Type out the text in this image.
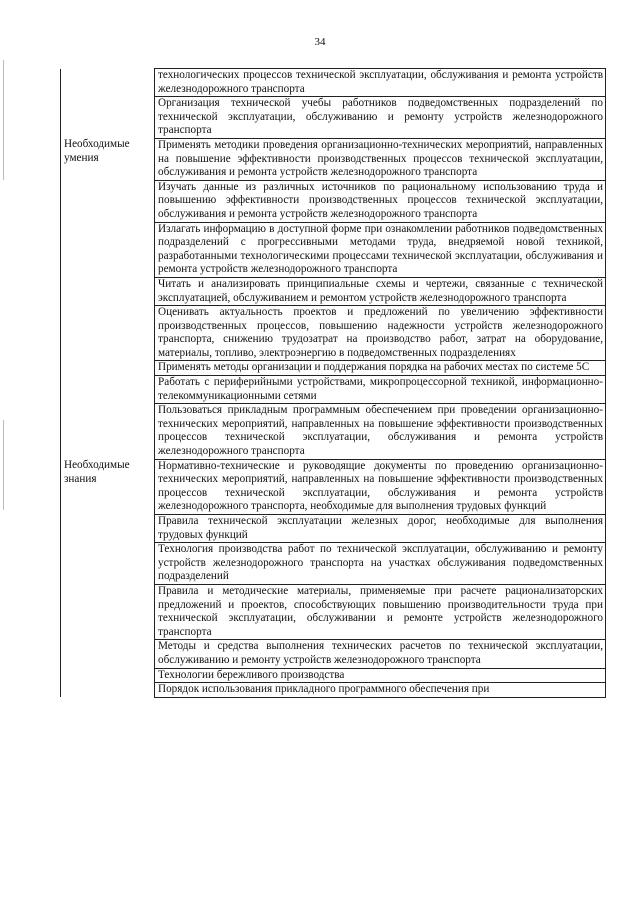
34
	технологических процессов технической эксплуатации, обслуживания и ремонта устройств железнодорожного транспорта
	Организация технической учебы работников подведомственных подразделений по технической эксплуатации, обслуживанию и ремонту устройств железнодорожного транспорта

Необходимые умения	Применять методики проведения организационно-технических мероприятий, направленных на повышение эффективности производственных процессов технической эксплуатации, обслуживания и ремонта устройств железнодорожного транспорта
	Изучать данные из различных источников по рациональному использованию труда и повышению эффективности производственных процессов технической эксплуатации, обслуживания и ремонта устройств железнодорожного транспорта
	Излагать информацию в доступной форме при ознакомлении работников подведомственных подразделений с прогрессивными методами труда, внедряемой новой техникой, разработанными технологическими процессами технической эксплуатации, обслуживания и ремонта устройств железнодорожного транспорта
	Читать и анализировать принципиальные схемы и чертежи, связанные с технической эксплуатацией, обслуживанием и ремонтом устройств железнодорожного транспорта
	Оценивать актуальность проектов и предложений по увеличению эффективности производственных процессов, повышению надежности устройств железнодорожного транспорта, снижению трудозатрат на производство работ, затрат на оборудование, материалы, топливо, электроэнергию в подведомственных подразделениях
	Применять методы организации и поддержания порядка на рабочих местах по системе 5С
	Работать с периферийными устройствами, микропроцессорной техникой, информационно-телекоммуникационными сетями
	Пользоваться прикладным программным обеспечением при проведении организационно-технических мероприятий, направленных на повышение эффективности производственных процессов технической эксплуатации, обслуживания и ремонта устройств железнодорожного транспорта

Необходимые знания	Нормативно-технические и руководящие документы по проведению организационно-технических мероприятий, направленных на повышение эффективности производственных процессов технической эксплуатации, обслуживания и ремонта устройств железнодорожного транспорта, необходимые для выполнения трудовых функций
	Правила технической эксплуатации железных дорог, необходимые для выполнения трудовых функций
	Технология производства работ по технической эксплуатации, обслуживанию и ремонту устройств железнодорожного транспорта на участках обслуживания подведомственных подразделений
	Правила и методические материалы, применяемые при расчете рационализаторских предложений и проектов, способствующих повышению производительности труда при технической эксплуатации, обслуживании и ремонте устройств железнодорожного транспорта
	Методы и средства выполнения технических расчетов по технической эксплуатации, обслуживанию и ремонту устройств железнодорожного транспорта
	Технологии бережливого производства
	Порядок использования прикладного программного обеспечения при
